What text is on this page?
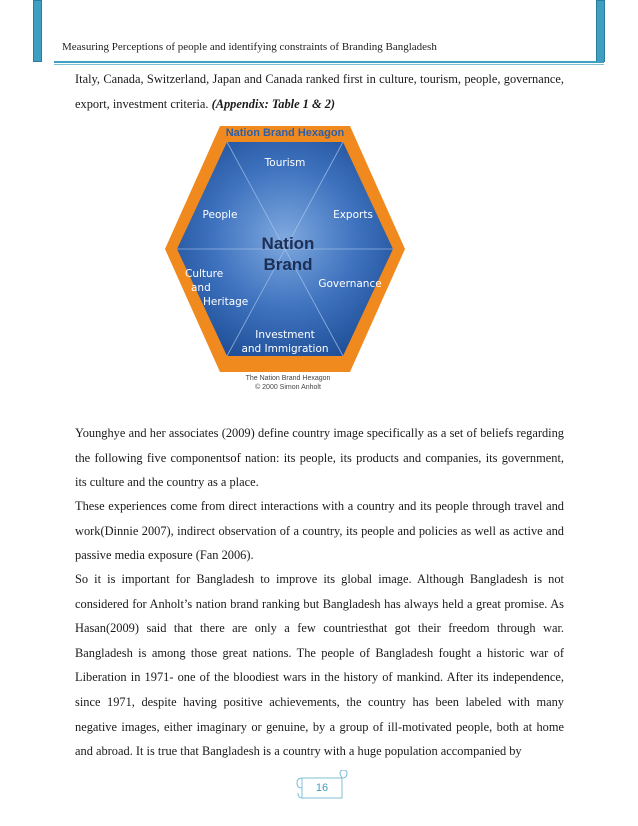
Measuring Perceptions of people and identifying constraints of Branding Bangladesh

Italy, Canada, Switzerland, Japan and Canada ranked first in culture, tourism, people, governance, export, investment criteria. (Appendix: Table 1 & 2)

Nation Brand Hexagon
Tourism
Exports
Governance
Investment
and Immigration
Culture
and
Heritage
People
Nation
Brand
The Nation Brand Hexagon
© 2000 Simon Anholt

Younghye and her associates (2009) define country image specifically as a set of beliefs regarding the following five componentsof nation: its people, its products and companies, its government, its culture and the country as a place.

These experiences come from direct interactions with a country and its people through travel and work(Dinnie 2007), indirect observation of a country, its people and policies as well as active and passive media exposure (Fan 2006).

So it is important for Bangladesh to improve its global image. Although Bangladesh is not considered for Anholt’s nation brand ranking but Bangladesh has always held a great promise. As Hasan(2009) said that there are only a few countriesthat got their freedom through war. Bangladesh is among those great nations. The people of Bangladesh fought a historic war of Liberation in 1971- one of the bloodiest wars in the history of mankind. After its independence, since 1971, despite having positive achievements, the country has been labeled with many negative images, either imaginary or genuine, by a group of ill-motivated people, both at home and abroad. It is true that Bangladesh is a country with a huge population accompanied by

16
